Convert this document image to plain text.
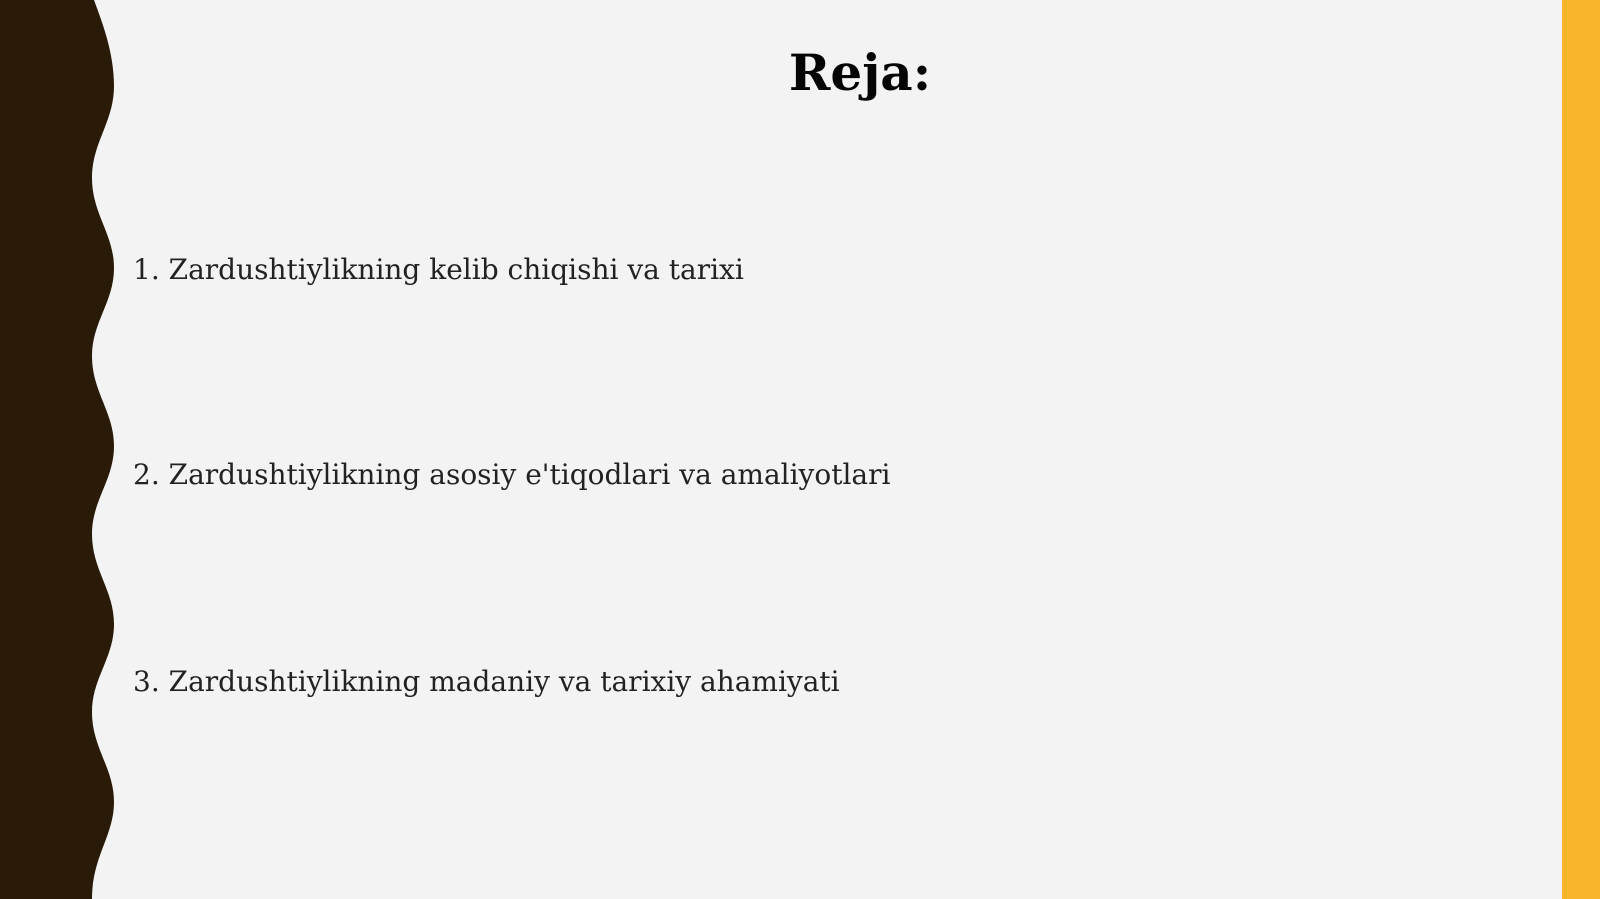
Reja:

1. Zardushtiylikning kelib chiqishi va tarixi

2. Zardushtiylikning asosiy e'tiqodlari va amaliyotlari

3. Zardushtiylikning madaniy va tarixiy ahamiyati
